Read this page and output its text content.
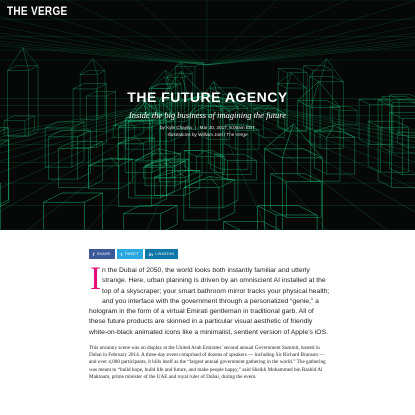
THE VERGE
THE FUTURE AGENCY
Inside the big business of imagining the future
by Kyle Chayka | Mar 30, 2017, 9:06am EDT
Illustrations by William Joel / The Verge
f SHARE t TWEET in LINKEDIN

I n the Dubai of 2050, the world looks both instantly familiar and utterly strange. Here, urban planning is driven by an omniscient AI installed at the top of a skyscraper; your smart bathroom mirror tracks your physical health; and you interface with the government through a personalized “genie,” a hologram in the form of a virtual Emirati gentleman in traditional garb. All of these future products are skinned in a particular visual aesthetic of friendly white-on-black animated icons like a minimalist, sentient version of Apple’s iOS.

This uncanny scene was on display at the United Arab Emirates’ second annual Government Summit, hosted in Dubai in February 2014. A three-day event comprised of dozens of speakers — including Sir Richard Branson — and over 4,000 participants, it bills itself as the “largest annual government gathering in the world.” The gathering was meant to “build hope, build life and future, and make people happy,” said Sheikh Mohammed bin Rashid Al Maktoum, prime minister of the UAE and royal ruler of Dubai, during the event.
